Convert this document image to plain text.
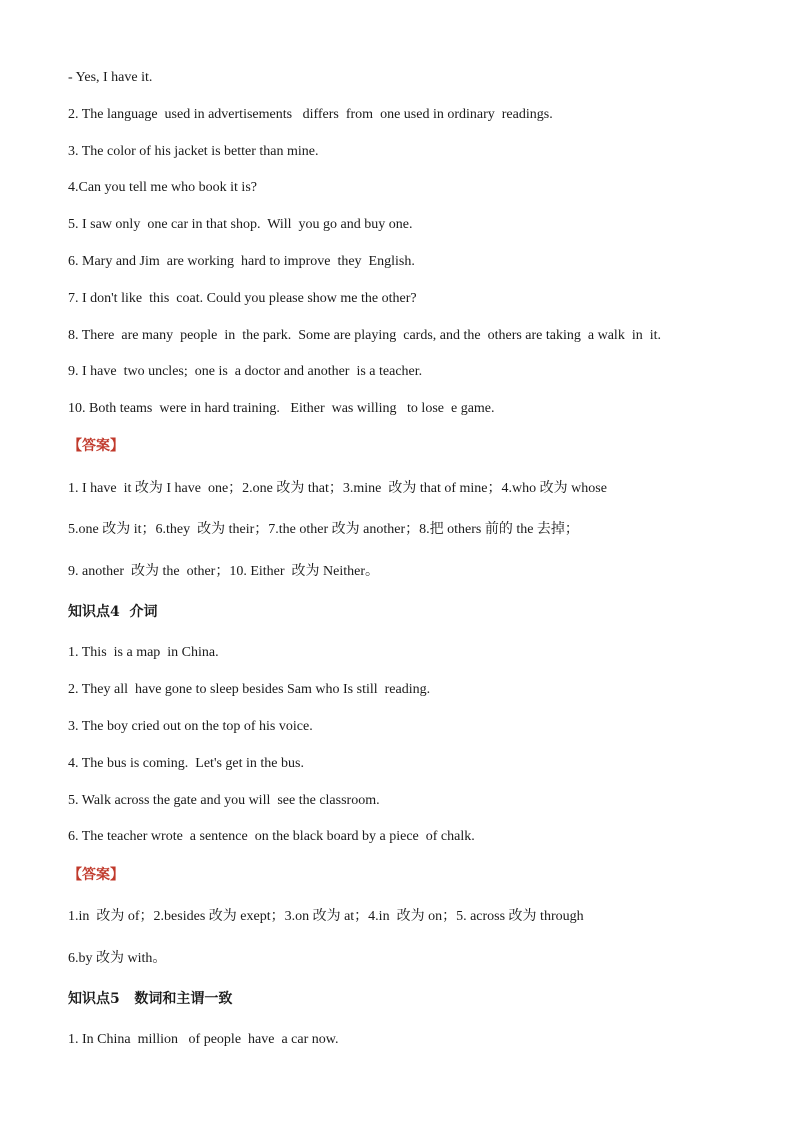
- Yes, I have it.
2. The language  used in advertisements   differs  from  one used in ordinary  readings.
3. The color of his jacket is better than mine.
4.Can you tell me who book it is?
5. I saw only  one car in that shop.  Will  you go and buy one.
6. Mary and Jim  are working  hard to improve  they  English.
7. I don't like  this  coat. Could you please show me the other?
8. There  are many  people  in  the park.  Some are playing  cards, and the  others are taking  a walk  in  it.
9. I have  two uncles;  one is  a doctor and another  is a teacher.
10. Both teams  were in hard training.   Either  was willing   to lose  e game.
【答案】
1. I have  it 改为 I have  one；2.one 改为 that；3.mine  改为 that of mine；4.who 改为 whose
5.one 改为 it；6.they  改为 their；7.the other 改为 another；8.把 others 前的 the 去掉；
9. another  改为 the  other；10. Either  改为 Neither。
知识点4  介词
1. This  is a map  in China.
2. They all  have gone to sleep besides Sam who Is still  reading.
3. The boy cried out on the top of his voice.
4. The bus is coming.  Let's get in the bus.
5. Walk across the gate and you will  see the classroom.
6. The teacher wrote  a sentence  on the black board by a piece  of chalk.
【答案】
1.in  改为 of；2.besides 改为 exept；3.on 改为 at；4.in  改为 on；5. across 改为 through
6.by 改为 with。
知识点5   数词和主谓一致
1. In China  million   of people  have  a car now.
